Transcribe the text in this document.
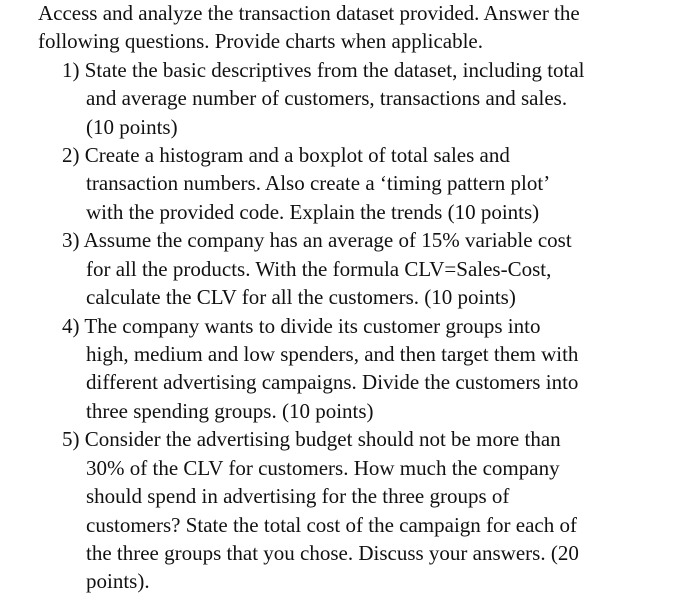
Access and analyze the transaction dataset provided. Answer the
following questions. Provide charts when applicable.
1) State the basic descriptives from the dataset, including total
and average number of customers, transactions and sales.
(10 points)
2) Create a histogram and a boxplot of total sales and
transaction numbers. Also create a ‘timing pattern plot’
with the provided code. Explain the trends (10 points)
3) Assume the company has an average of 15% variable cost
for all the products. With the formula CLV=Sales-Cost,
calculate the CLV for all the customers. (10 points)
4) The company wants to divide its customer groups into
high, medium and low spenders, and then target them with
different advertising campaigns. Divide the customers into
three spending groups. (10 points)
5) Consider the advertising budget should not be more than
30% of the CLV for customers. How much the company
should spend in advertising for the three groups of
customers? State the total cost of the campaign for each of
the three groups that you chose. Discuss your answers. (20
points).
